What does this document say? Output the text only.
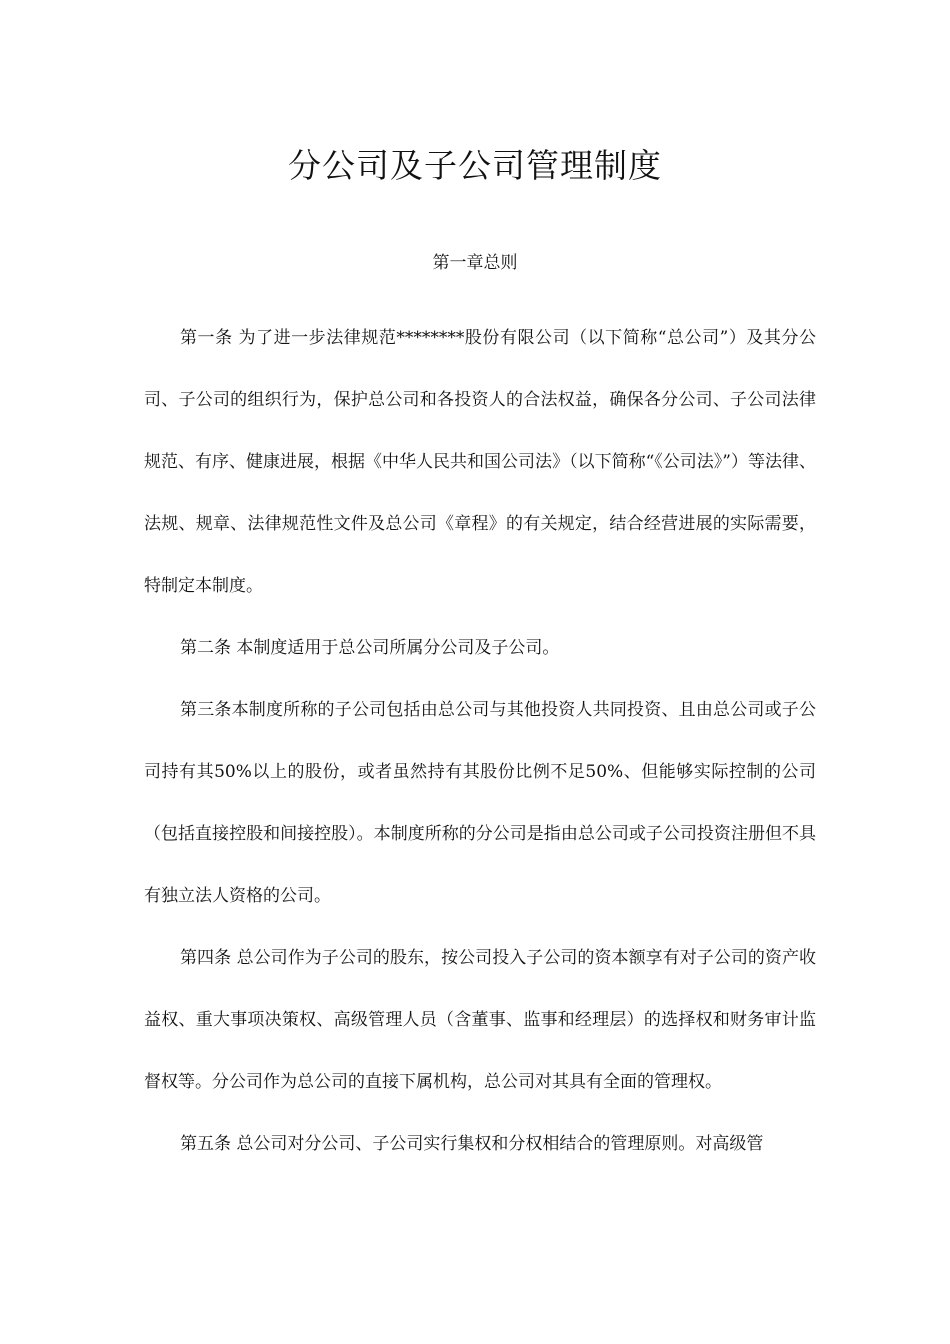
分公司及子公司管理制度
第一章总则

第一条 为了进一步法律规范********股份有限公司（以下简称“总公司”）及其分公司、子公司的组织行为，保护总公司和各投资人的合法权益，确保各分公司、子公司法律规范、有序、健康进展，根据《中华人民共和国公司法》（以下简称“《公司法》”）等法律、法规、规章、法律规范性文件及总公司《章程》的有关规定，结合经营进展的实际需要，特制定本制度。

第二条 本制度适用于总公司所属分公司及子公司。

第三条本制度所称的子公司包括由总公司与其他投资人共同投资、且由总公司或子公司持有其50%以上的股份，或者虽然持有其股份比例不足50%、但能够实际控制的公司（包括直接控股和间接控股）。本制度所称的分公司是指由总公司或子公司投资注册但不具有独立法人资格的公司。

第四条 总公司作为子公司的股东，按公司投入子公司的资本额享有对子公司的资产收益权、重大事项决策权、高级管理人员（含董事、监事和经理层）的选择权和财务审计监督权等。分公司作为总公司的直接下属机构，总公司对其具有全面的管理权。

第五条 总公司对分公司、子公司实行集权和分权相结合的管理原则。对高级管
